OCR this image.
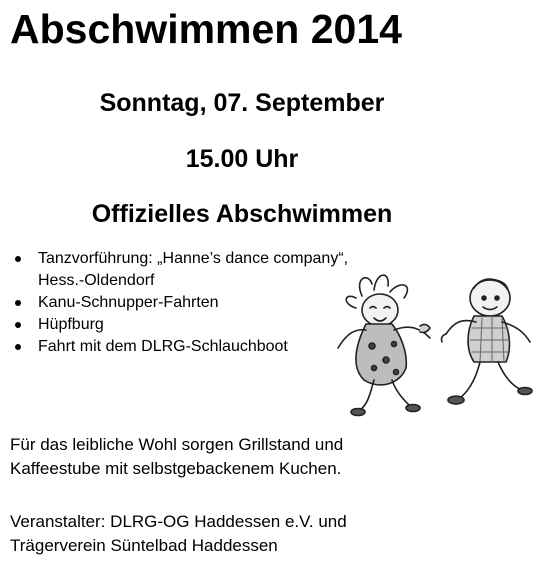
Abschwimmen 2014

Sonntag, 07. September

15.00 Uhr

Offizielles Abschwimmen

Tanzvorführung: „Hanne’s dance company“,
Hess.-Oldendorf
Kanu-Schnupper-Fahrten
Hüpfburg
Fahrt mit dem DLRG-Schlauchboot

Für das leibliche Wohl sorgen Grillstand und
Kaffeestube mit selbstgebackenem Kuchen.

Veranstalter: DLRG-OG Haddessen e.V. und
Trägerverein Süntelbad Haddessen
